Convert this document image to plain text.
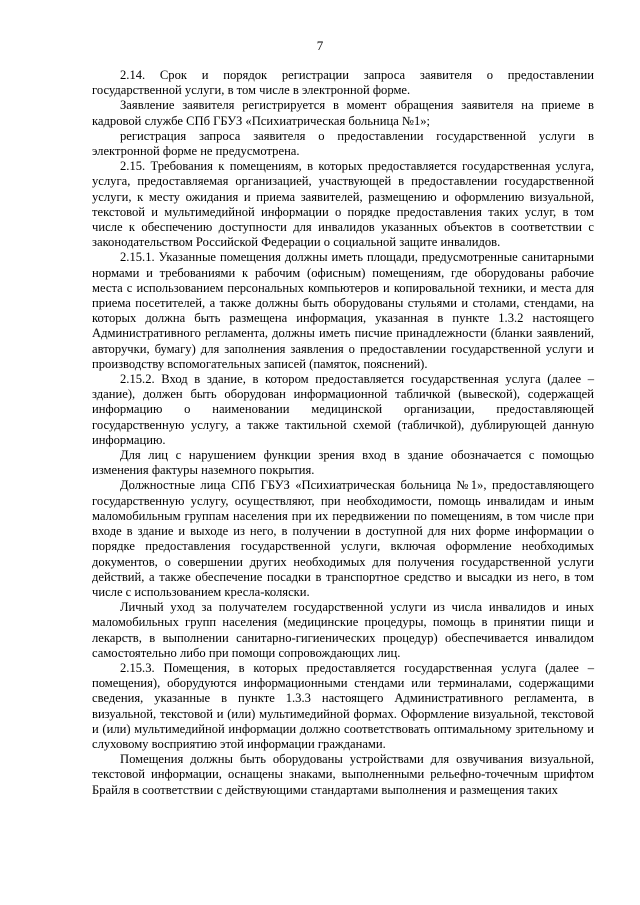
7

2.14. Срок и порядок регистрации запроса заявителя о предоставлении государственной услуги, в том числе в электронной форме.

Заявление заявителя регистрируется в момент обращения заявителя на приеме в кадровой службе СПб ГБУЗ «Психиатрическая больница №1»;

регистрация запроса заявителя о предоставлении государственной услуги в электронной форме не предусмотрена.

2.15. Требования к помещениям, в которых предоставляется государственная услуга, услуга, предоставляемая организацией, участвующей в предоставлении государственной услуги, к месту ожидания и приема заявителей, размещению и оформлению визуальной, текстовой и мультимедийной информации о порядке предоставления таких услуг, в том числе к обеспечению доступности для инвалидов указанных объектов в соответствии с законодательством Российской Федерации о социальной защите инвалидов.

2.15.1. Указанные помещения должны иметь площади, предусмотренные санитарными нормами и требованиями к рабочим (офисным) помещениям, где оборудованы рабочие места с использованием персональных компьютеров и копировальной техники, и места для приема посетителей, а также должны быть оборудованы стульями и столами, стендами, на которых должна быть размещена информация, указанная в пункте 1.3.2 настоящего Административного регламента, должны иметь писчие принадлежности (бланки заявлений, авторучки, бумагу) для заполнения заявления о предоставлении государственной услуги и производству вспомогательных записей (памяток, пояснений).

2.15.2. Вход в здание, в котором предоставляется государственная услуга (далее – здание), должен быть оборудован информационной табличкой (вывеской), содержащей информацию о наименовании медицинской организации, предоставляющей государственную услугу, а также тактильной схемой (табличкой), дублирующей данную информацию.

Для лиц с нарушением функции зрения вход в здание обозначается с помощью изменения фактуры наземного покрытия.

Должностные лица СПб ГБУЗ «Психиатрическая больница №1», предоставляющего государственную услугу, осуществляют, при необходимости, помощь инвалидам и иным маломобильным группам населения при их передвижении по помещениям, в том числе при входе в здание и выходе из него, в получении в доступной для них форме информации о порядке предоставления государственной услуги, включая оформление необходимых документов, о совершении других необходимых для получения государственной услуги действий, а также обеспечение посадки в транспортное средство и высадки из него, в том числе с использованием кресла-коляски.

Личный уход за получателем государственной услуги из числа инвалидов и иных маломобильных групп населения (медицинские процедуры, помощь в принятии пищи и лекарств, в выполнении санитарно-гигиенических процедур) обеспечивается инвалидом самостоятельно либо при помощи сопровождающих лиц.

2.15.3. Помещения, в которых предоставляется государственная услуга (далее – помещения), оборудуются информационными стендами или терминалами, содержащими сведения, указанные в пункте 1.3.3 настоящего Административного регламента, в визуальной, текстовой и (или) мультимедийной формах. Оформление визуальной, текстовой и (или) мультимедийной информации должно соответствовать оптимальному зрительному и слуховому восприятию этой информации гражданами.

Помещения должны быть оборудованы устройствами для озвучивания визуальной, текстовой информации, оснащены знаками, выполненными рельефно-точечным шрифтом Брайля в соответствии с действующими стандартами выполнения и размещения таких
